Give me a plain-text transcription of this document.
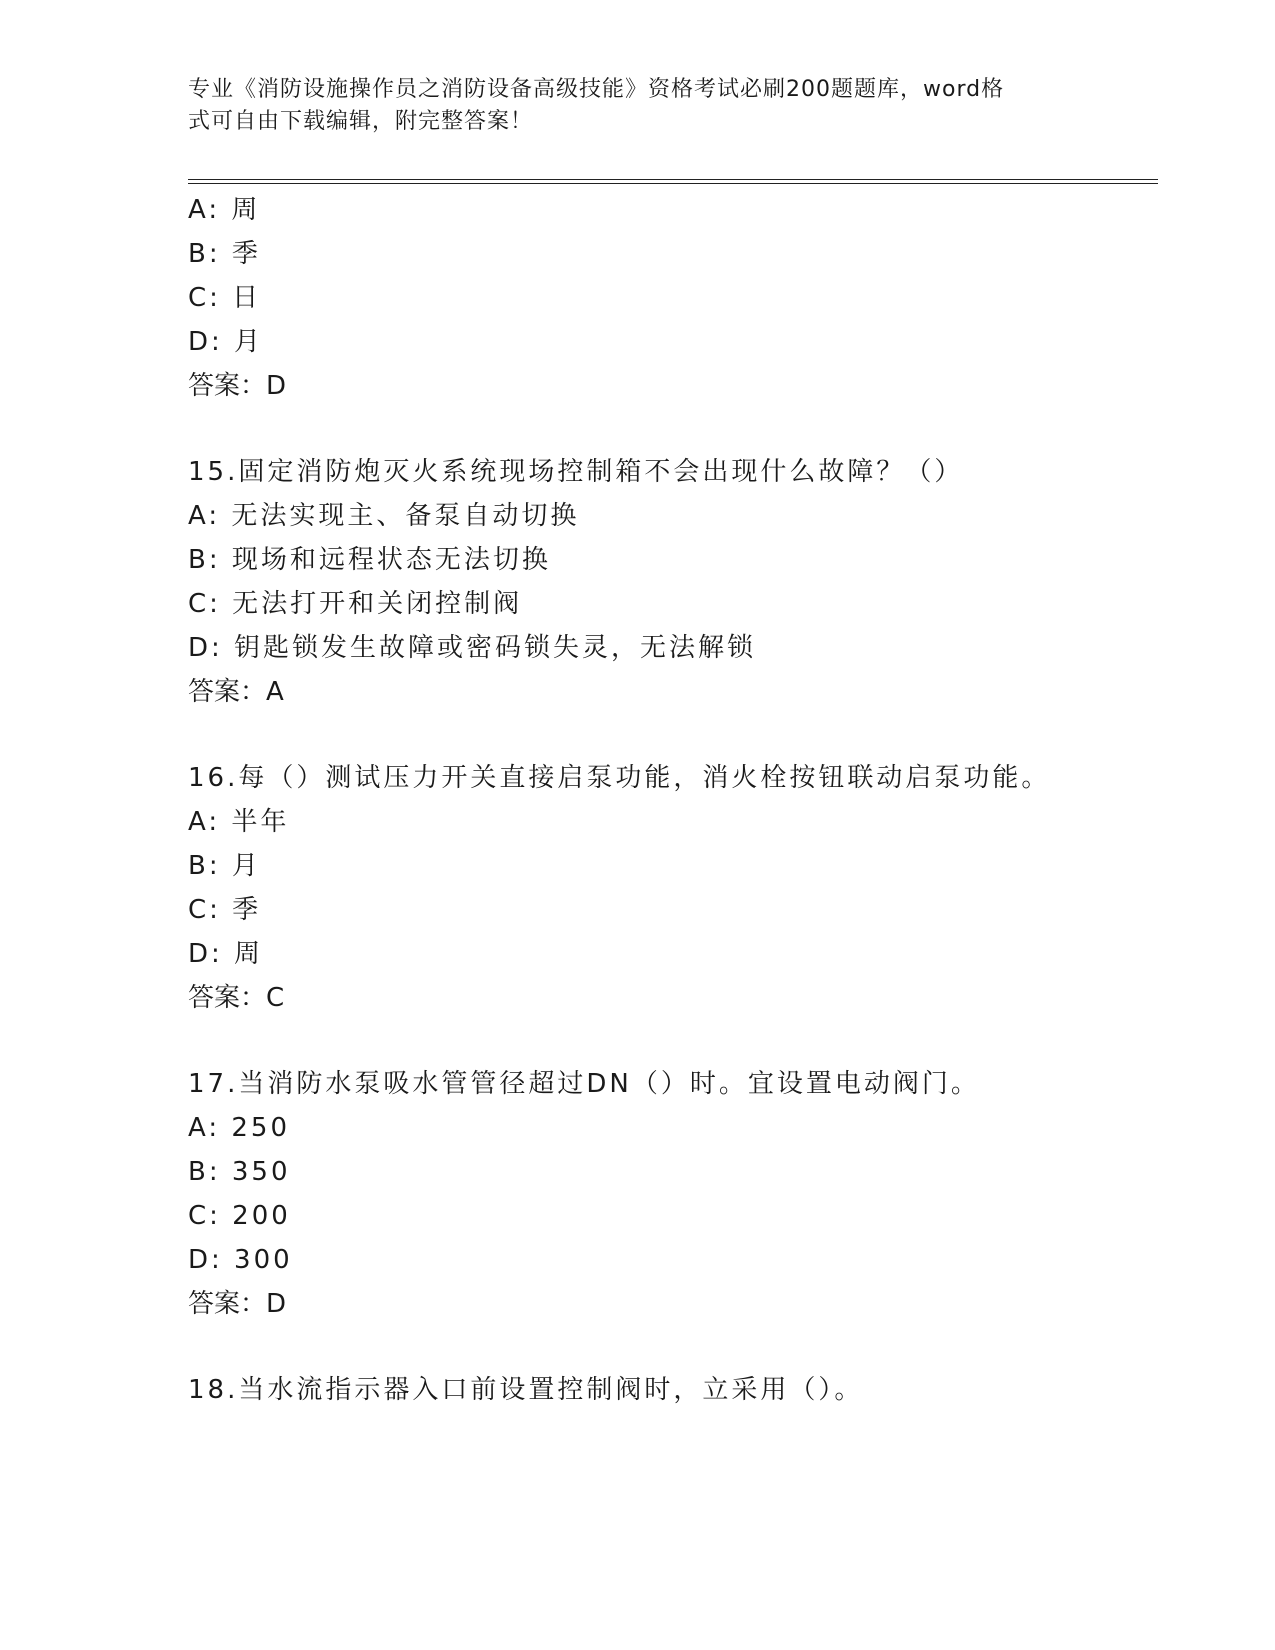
专业《消防设施操作员之消防设备高级技能》资格考试必刷200题题库，word格

式可自由下载编辑，附完整答案！

A: 周
B: 季
C: 日
D: 月
答案：D
15.固定消防炮灭火系统现场控制箱不会出现什么故障？（）
A: 无法实现主、备泵自动切换
B: 现场和远程状态无法切换
C: 无法打开和关闭控制阀
D: 钥匙锁发生故障或密码锁失灵，无法解锁
答案：A
16.每（）测试压力开关直接启泵功能，消火栓按钮联动启泵功能。
A: 半年
B: 月
C: 季
D: 周
答案：C
17.当消防水泵吸水管管径超过DN（）时。宜设置电动阀门。
A: 250
B: 350
C: 200
D: 300
答案：D
18.当水流指示器入口前设置控制阀时，立采用（）。
